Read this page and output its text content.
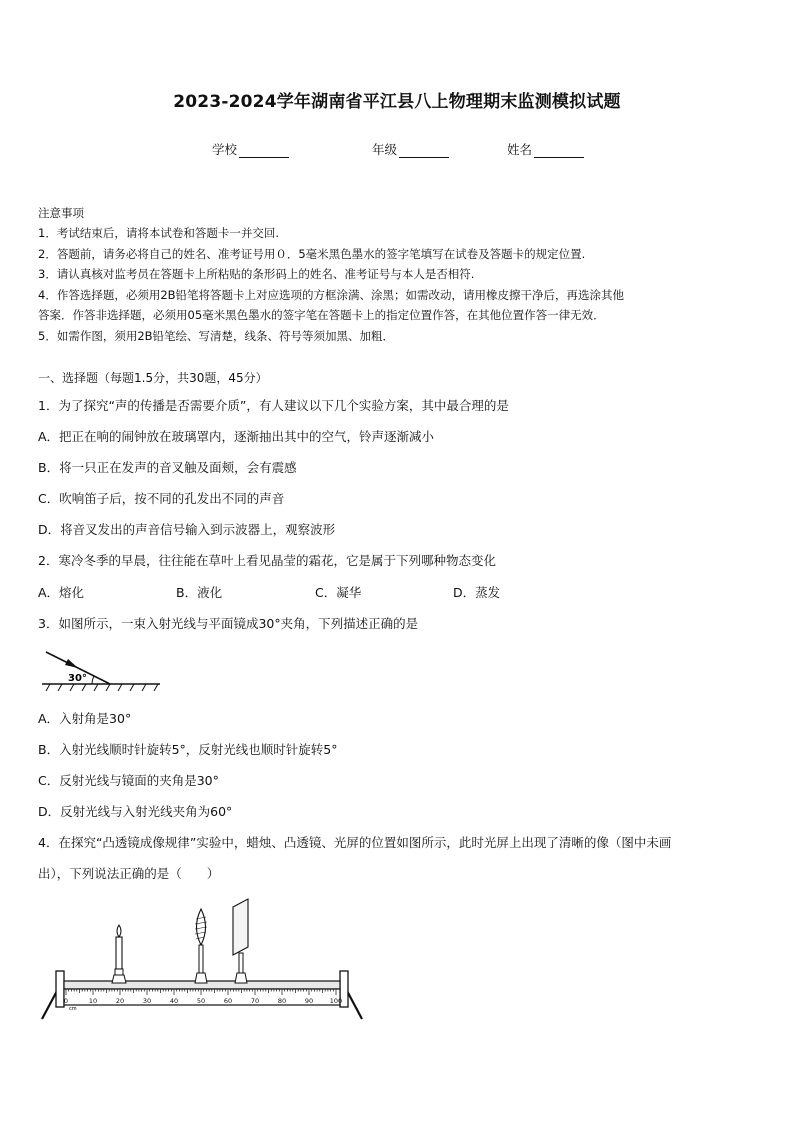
2023-2024学年湖南省平江县八上物理期末监测模拟试题
学校	年级	姓名
注意事项
1．考试结束后，请将本试卷和答题卡一并交回.
2．答题前，请务必将自己的姓名、准考证号用０．5毫米黑色墨水的签字笔填写在试卷及答题卡的规定位置.
3．请认真核对监考员在答题卡上所粘贴的条形码上的姓名、准考证号与本人是否相符.
4．作答选择题，必须用2B铅笔将答题卡上对应选项的方框涂满、涂黑；如需改动，请用橡皮擦干净后，再选涂其他
答案．作答非选择题，必须用05毫米黑色墨水的签字笔在答题卡上的指定位置作答，在其他位置作答一律无效．
5．如需作图，须用2B铅笔绘、写清楚，线条、符号等须加黑、加粗．
一、选择题（每题1.5分，共30题，45分）
1．为了探究“声的传播是否需要介质”，有人建议以下几个实验方案，其中最合理的是
A．把正在响的闹钟放在玻璃罩内，逐渐抽出其中的空气，铃声逐渐减小
B．将一只正在发声的音叉触及面颊，会有震感
C．吹响笛子后，按不同的孔发出不同的声音
D．将音叉发出的声音信号输入到示波器上，观察波形
2．寒冷冬季的早晨，往往能在草叶上看见晶莹的霜花，它是属于下列哪种物态变化
A．熔化	B．液化	C．凝华	D．蒸发
3．如图所示，一束入射光线与平面镜成30°夹角，下列描述正确的是
30°
A．入射角是30°
B．入射光线顺时针旋转5°，反射光线也顺时针旋转5°
C．反射光线与镜面的夹角是30°
D．反射光线与入射光线夹角为60°
4．在探究“凸透镜成像规律”实验中，蜡烛、凸透镜、光屏的位置如图所示，此时光屏上出现了清晰的像（图中未画
出），下列说法正确的是（　　）
0	10	20	30	40	50	60	70	80	90	100
cm
